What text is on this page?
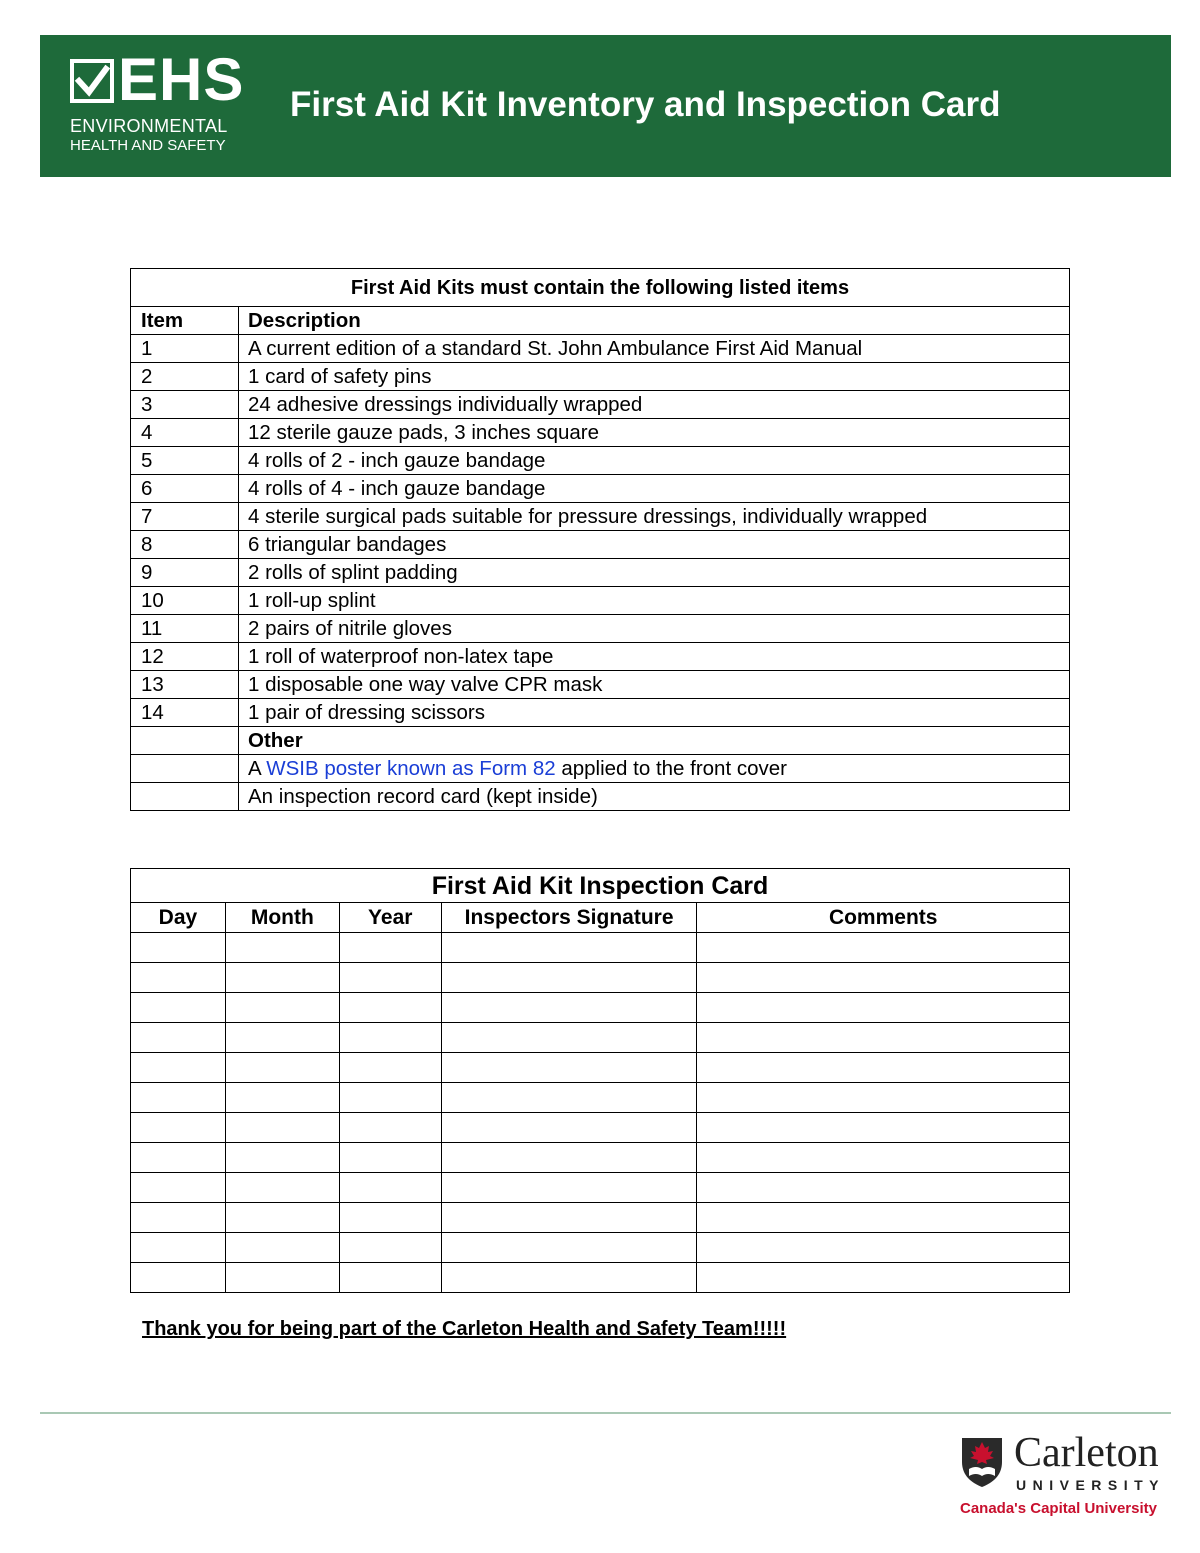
EHS
ENVIRONMENTAL
HEALTH AND SAFETY
First Aid Kit Inventory and Inspection Card
First Aid Kits must contain the following listed items	
Item	Description
1	A current edition of a standard St. John Ambulance First Aid Manual
2	1 card of safety pins
3	24 adhesive dressings individually wrapped
4	12 sterile gauze pads, 3 inches square
5	4 rolls of 2 - inch gauze bandage
6	4 rolls of 4 - inch gauze bandage
7	4 sterile surgical pads suitable for pressure dressings, individually wrapped
8	6 triangular bandages
9	2 rolls of splint padding
10	1 roll-up splint
11	2 pairs of nitrile gloves
12	1 roll of waterproof non-latex tape
13	1 disposable one way valve CPR mask
14	1 pair of dressing scissors
	Other
	A WSIB poster known as Form 82 applied to the front cover
	An inspection record card (kept inside)
First Aid Kit Inspection Card				
Day	Month	Year	Inspectors Signature	Comments

Thank you for being part of the Carleton Health and Safety Team!!!!!
Carleton
UNIVERSITY
Canada's Capital University
